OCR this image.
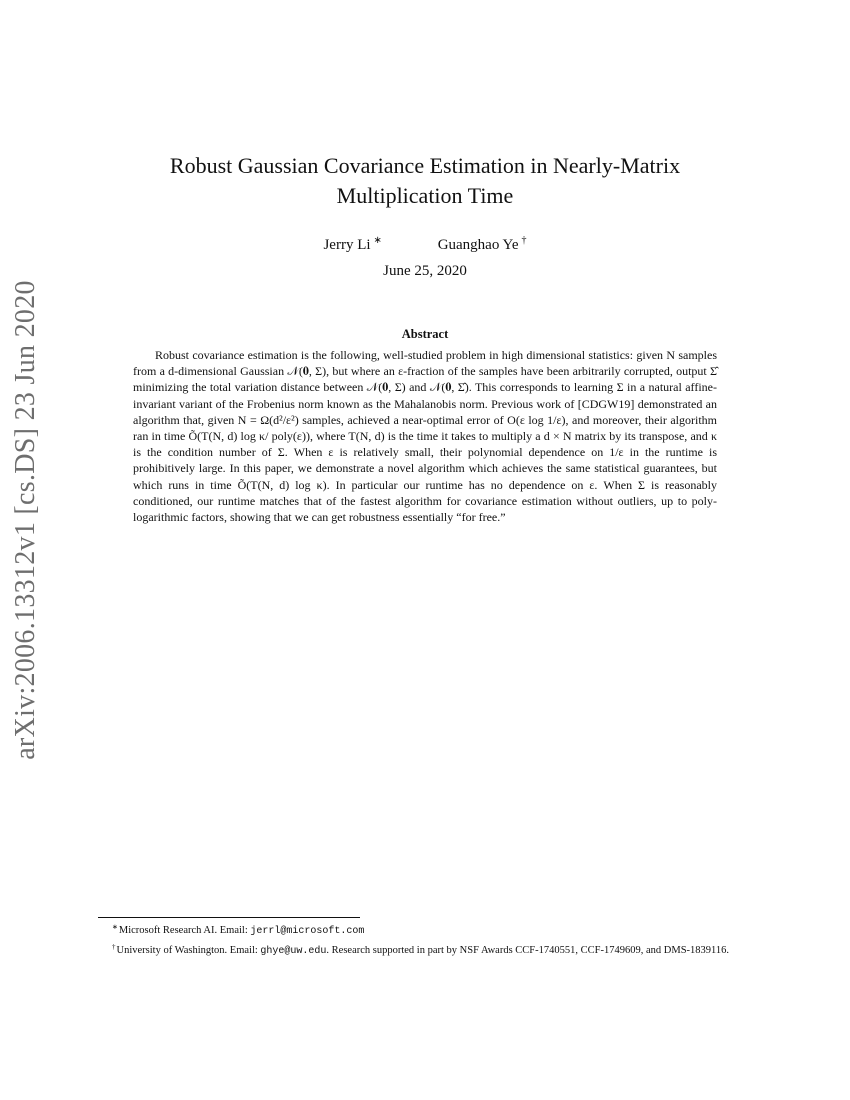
arXiv:2006.13312v1 [cs.DS] 23 Jun 2020
Robust Gaussian Covariance Estimation in Nearly-Matrix
Multiplication Time
Jerry Li ∗	Guanghao Ye †
June 25, 2020
Abstract

Robust covariance estimation is the following, well-studied problem in high dimensional statistics: given N samples from a d-dimensional Gaussian 𝒩(𝟎, Σ), but where an ε-fraction of the samples have been arbitrarily corrupted, output Σ̂ minimizing the total variation distance between 𝒩(𝟎, Σ) and 𝒩(𝟎, Σ̂). This corresponds to learning Σ in a natural affine-invariant variant of the Frobenius norm known as the Mahalanobis norm. Previous work of [CDGW19] demonstrated an algorithm that, given N = Ω(d²/ε²) samples, achieved a near-optimal error of O(ε log 1/ε), and moreover, their algorithm ran in time Õ(T(N, d) log κ/ poly(ε)), where T(N, d) is the time it takes to multiply a d × N matrix by its transpose, and κ is the condition number of Σ. When ε is relatively small, their polynomial dependence on 1/ε in the runtime is prohibitively large. In this paper, we demonstrate a novel algorithm which achieves the same statistical guarantees, but which runs in time Õ(T(N, d) log κ). In particular our runtime has no dependence on ε. When Σ is reasonably conditioned, our runtime matches that of the fastest algorithm for covariance estimation without outliers, up to poly-logarithmic factors, showing that we can get robustness essentially “for free.”

∗Microsoft Research AI. Email: jerrl@microsoft.com

†University of Washington. Email: ghye@uw.edu. Research supported in part by NSF Awards CCF-1740551, CCF-1749609, and DMS-1839116.
